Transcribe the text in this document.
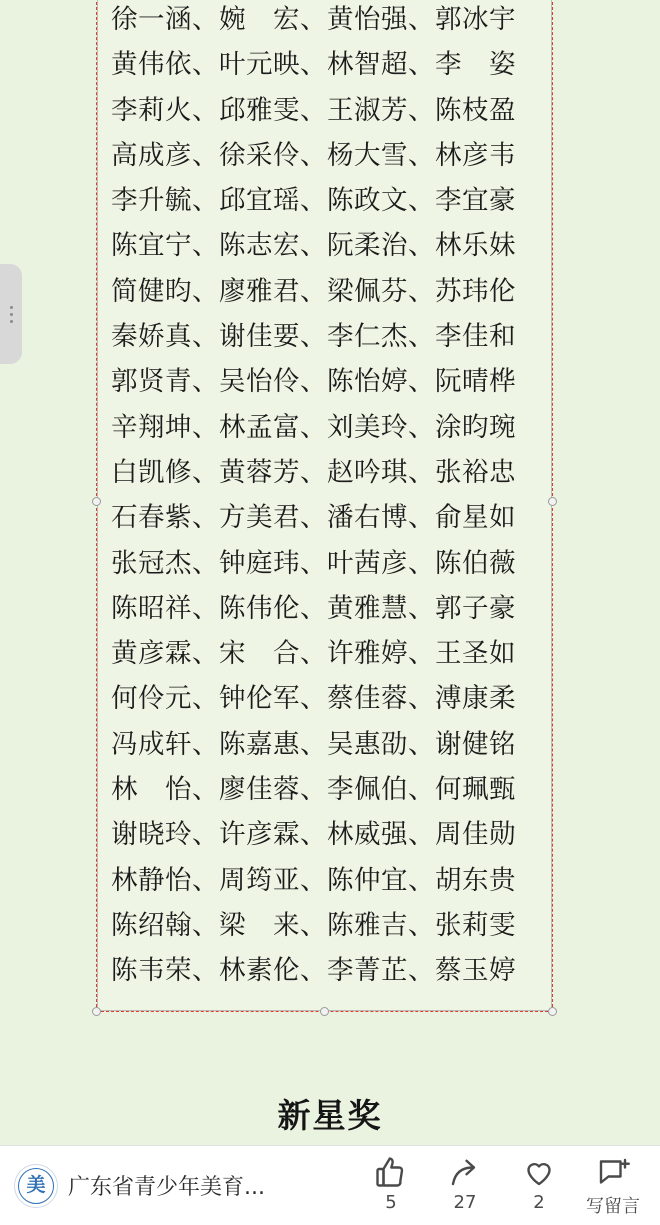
徐一涵、婉　宏、黄怡强、郭冰宇
黄伟依、叶元映、林智超、李　姿
李莉火、邱雅雯、王淑芳、陈枝盈
高成彦、徐采伶、杨大雪、林彦韦
李升毓、邱宜瑶、陈政文、李宜豪
陈宜宁、陈志宏、阮柔治、林乐妹
简健昀、廖雅君、梁佩芬、苏玮伦
秦娇真、谢佳要、李仁杰、李佳和
郭贤青、吴怡伶、陈怡婷、阮晴桦
辛翔坤、林孟富、刘美玲、涂昀琬
白凯修、黄蓉芳、赵吟琪、张裕忠
石春紫、方美君、潘右博、俞星如
张冠杰、钟庭玮、叶茜彦、陈伯薇
陈昭祥、陈伟伦、黄雅慧、郭子豪
黄彦霖、宋　合、许雅婷、王圣如
何伶元、钟伦军、蔡佳蓉、溥康柔
冯成轩、陈嘉惠、吴惠劭、谢健铭
林　怡、廖佳蓉、李佩伯、何珮甄
谢晓玲、许彦霖、林威强、周佳勋
林静怡、周筠亚、陈仲宜、胡东贵
陈绍翰、梁　来、陈雅吉、张莉雯
陈韦荣、林素伦、李菁芷、蔡玉婷
新星奖
美 广东省青少年美育...
5	27	2 写留言
